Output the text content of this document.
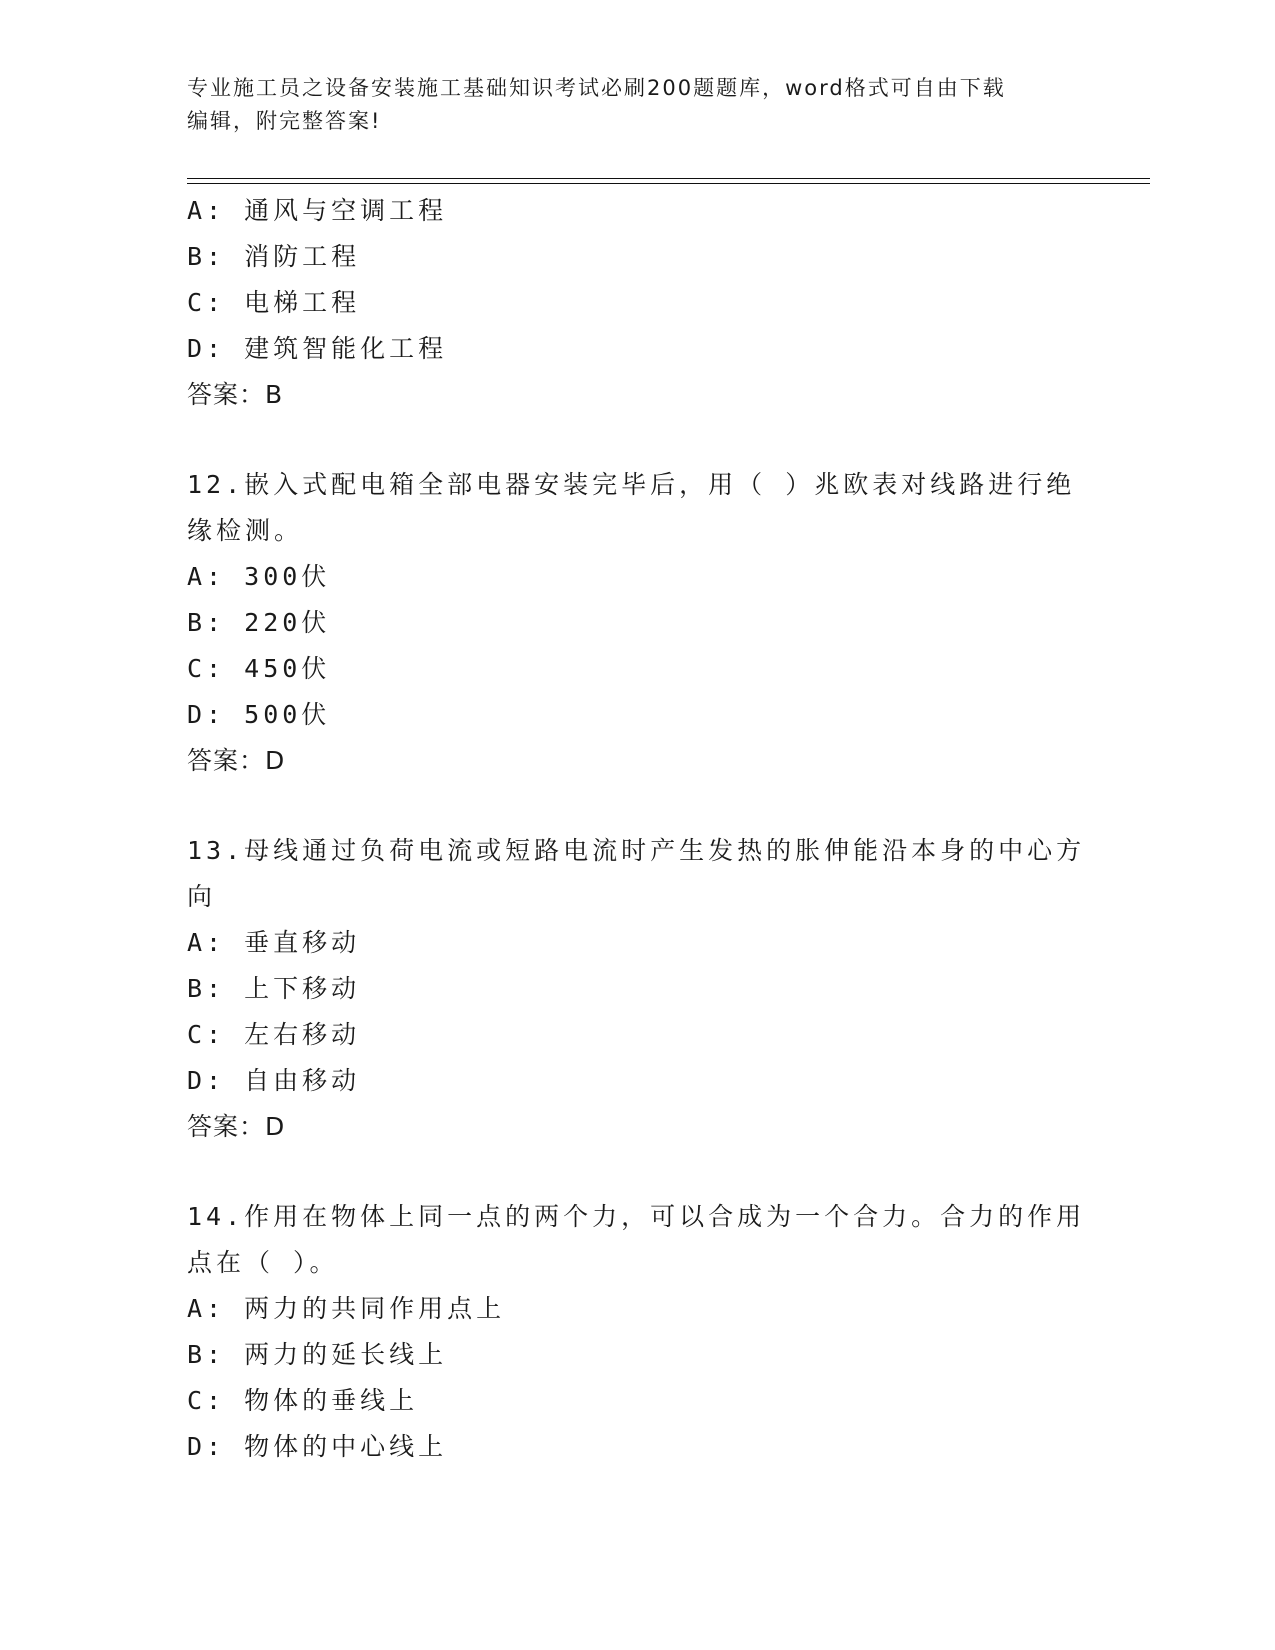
专业施工员之设备安装施工基础知识考试必刷200题题库，word格式可自由下载
编辑，附完整答案!
A: 通风与空调工程
B: 消防工程
C: 电梯工程
D: 建筑智能化工程
答案：B
12.嵌入式配电箱全部电器安装完毕后，用（ ）兆欧表对线路进行绝
缘检测。
A: 300伏
B: 220伏
C: 450伏
D: 500伏
答案：D
13.母线通过负荷电流或短路电流时产生发热的胀伸能沿本身的中心方
向
A: 垂直移动
B: 上下移动
C: 左右移动
D: 自由移动
答案：D
14.作用在物体上同一点的两个力，可以合成为一个合力。合力的作用
点在（ ）。
A: 两力的共同作用点上
B: 两力的延长线上
C: 物体的垂线上
D: 物体的中心线上
